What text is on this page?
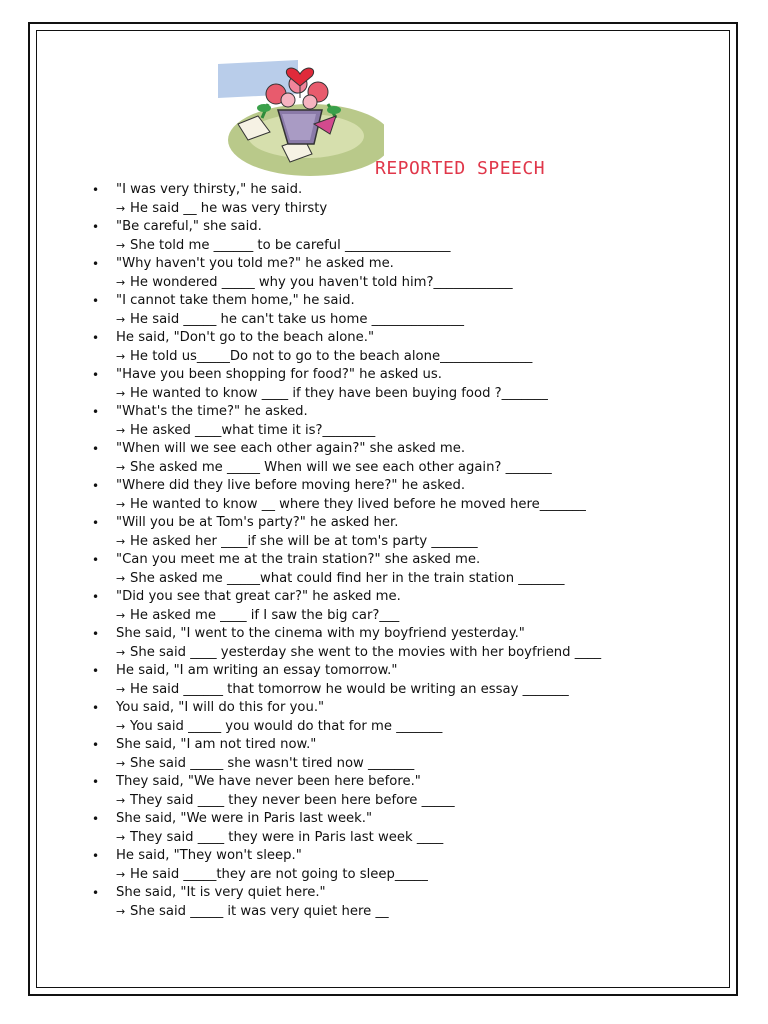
REPORTED SPEECH
•	"I was very thirsty," he said.
→ He said __ he was very thirsty
•	"Be careful," she said.
→ She told me ______ to be careful ________________
•	"Why haven't you told me?" he asked me.
→ He wondered _____ why you haven't told him?____________
•	"I cannot take them home," he said.
→ He said _____ he can't take us home ______________
•	He said, "Don't go to the beach alone."
→ He told us_____Do not to go to the beach alone______________
•	"Have you been shopping for food?" he asked us.
→ He wanted to know ____ if they have been buying food ?_______
•	"What's the time?" he asked.
→ He asked ____what time it is?________
•	"When will we see each other again?" she asked me.
→ She asked me _____ When will we see each other again? _______
•	"Where did they live before moving here?" he asked.
→ He wanted to know __ where they lived before he moved here_______
•	"Will you be at Tom's party?" he asked her.
→ He asked her ____if she will be at tom's party _______
•	"Can you meet me at the train station?" she asked me.
→ She asked me _____what could find her in the train station _______
•	"Did you see that great car?" he asked me.
→ He asked me ____ if I saw the big car?___
•	She said, "I went to the cinema with my boyfriend yesterday."
→ She said ____ yesterday she went to the movies with her boyfriend ____
•	He said, "I am writing an essay tomorrow."
→ He said ______ that tomorrow he would be writing an essay _______
•	You said, "I will do this for you."
→ You said _____ you would do that for me _______
•	She said, "I am not tired now."
→ She said _____ she wasn't tired now _______
•	They said, "We have never been here before."
→ They said ____ they never been here before _____
•	She said, "We were in Paris last week."
→ They said ____ they were in Paris last week ____
•	He said, "They won't sleep."
→ He said _____they are not going to sleep_____
•	She said, "It is very quiet here."
→ She said _____ it was very quiet here __
